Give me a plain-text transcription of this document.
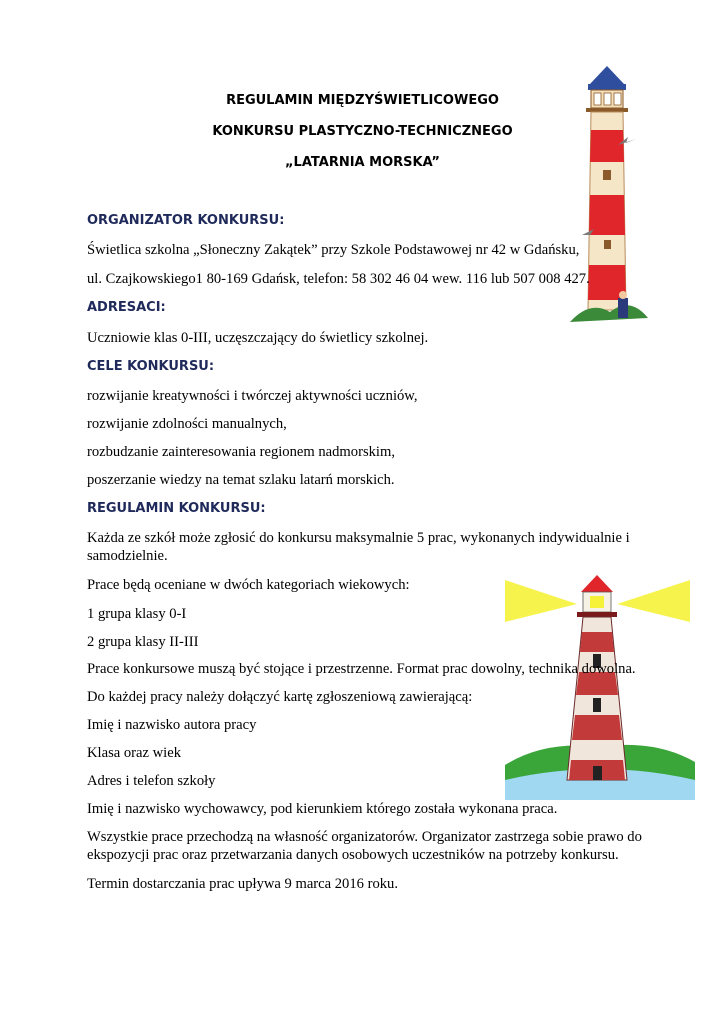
REGULAMIN MIĘDZYŚWIETLICOWEGO
KONKURSU PLASTYCZNO-TECHNICZNEGO
„LATARNIA MORSKA”
ORGANIZATOR KONKURSU:
Świetlica szkolna „Słoneczny Zakątek” przy Szkole Podstawowej nr 42 w Gdańsku,
ul. Czajkowskiego1 80-169 Gdańsk, telefon: 58 302 46 04 wew. 116 lub 507 008 427.
ADRESACI:
Uczniowie klas 0-III, uczęszczający do świetlicy szkolnej.
CELE KONKURSU:
rozwijanie kreatywności i twórczej aktywności uczniów,
rozwijanie zdolności manualnych,
rozbudzanie zainteresowania regionem nadmorskim,
poszerzanie wiedzy na temat szlaku latarń morskich.
REGULAMIN KONKURSU:
Każda ze szkół może zgłosić do konkursu maksymalnie 5 prac, wykonanych indywidualnie i samodzielnie.
Prace będą oceniane w dwóch kategoriach wiekowych:
1 grupa klasy 0-I
2 grupa klasy II-III
Prace konkursowe muszą być stojące i przestrzenne. Format prac dowolny, technika dowolna.
Do każdej pracy należy dołączyć kartę zgłoszeniową zawierającą:
Imię i nazwisko autora pracy
Klasa oraz wiek
Adres i telefon szkoły
Imię i nazwisko wychowawcy, pod kierunkiem którego została wykonana praca.
Wszystkie prace przechodzą na własność organizatorów. Organizator zastrzega sobie prawo do ekspozycji prac oraz przetwarzania danych osobowych uczestników na potrzeby konkursu.
Termin dostarczania prac upływa 9 marca 2016 roku.
